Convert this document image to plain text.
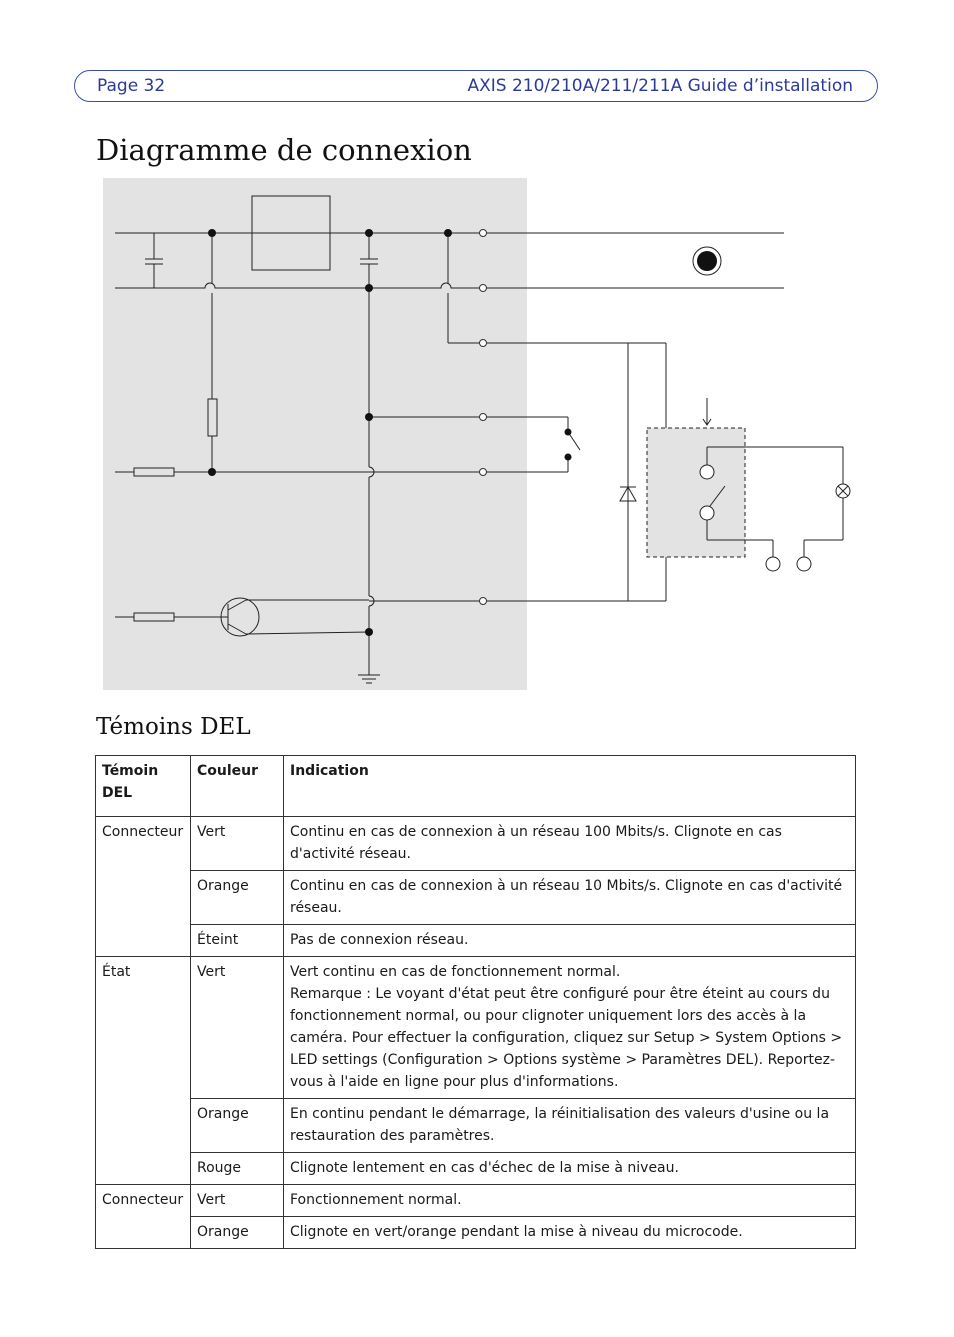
Page 32	AXIS 210/210A/211/211A Guide d’installation
Diagramme de connexion
Témoins DEL
Témoin DEL	Couleur	Indication
Connecteur	Vert	Continu en cas de connexion à un réseau 100 Mbits/s. Clignote en cas d'activité réseau.
	Orange	Continu en cas de connexion à un réseau 10 Mbits/s. Clignote en cas d'activité réseau.
	Éteint	Pas de connexion réseau.
État	Vert	Vert continu en cas de fonctionnement normal.
Remarque : Le voyant d'état peut être configuré pour être éteint au cours du fonctionnement normal, ou pour clignoter uniquement lors des accès à la caméra. Pour effectuer la configuration, cliquez sur Setup > System Options > LED settings (Configuration > Options système > Paramètres DEL). Reportez-vous à l'aide en ligne pour plus d'informations.

	Orange	En continu pendant le démarrage, la réinitialisation des valeurs d'usine ou la restauration des paramètres.
	Rouge	Clignote lentement en cas d'échec de la mise à niveau.
Connecteur	Vert	Fonctionnement normal.
	Orange	Clignote en vert/orange pendant la mise à niveau du microcode.
